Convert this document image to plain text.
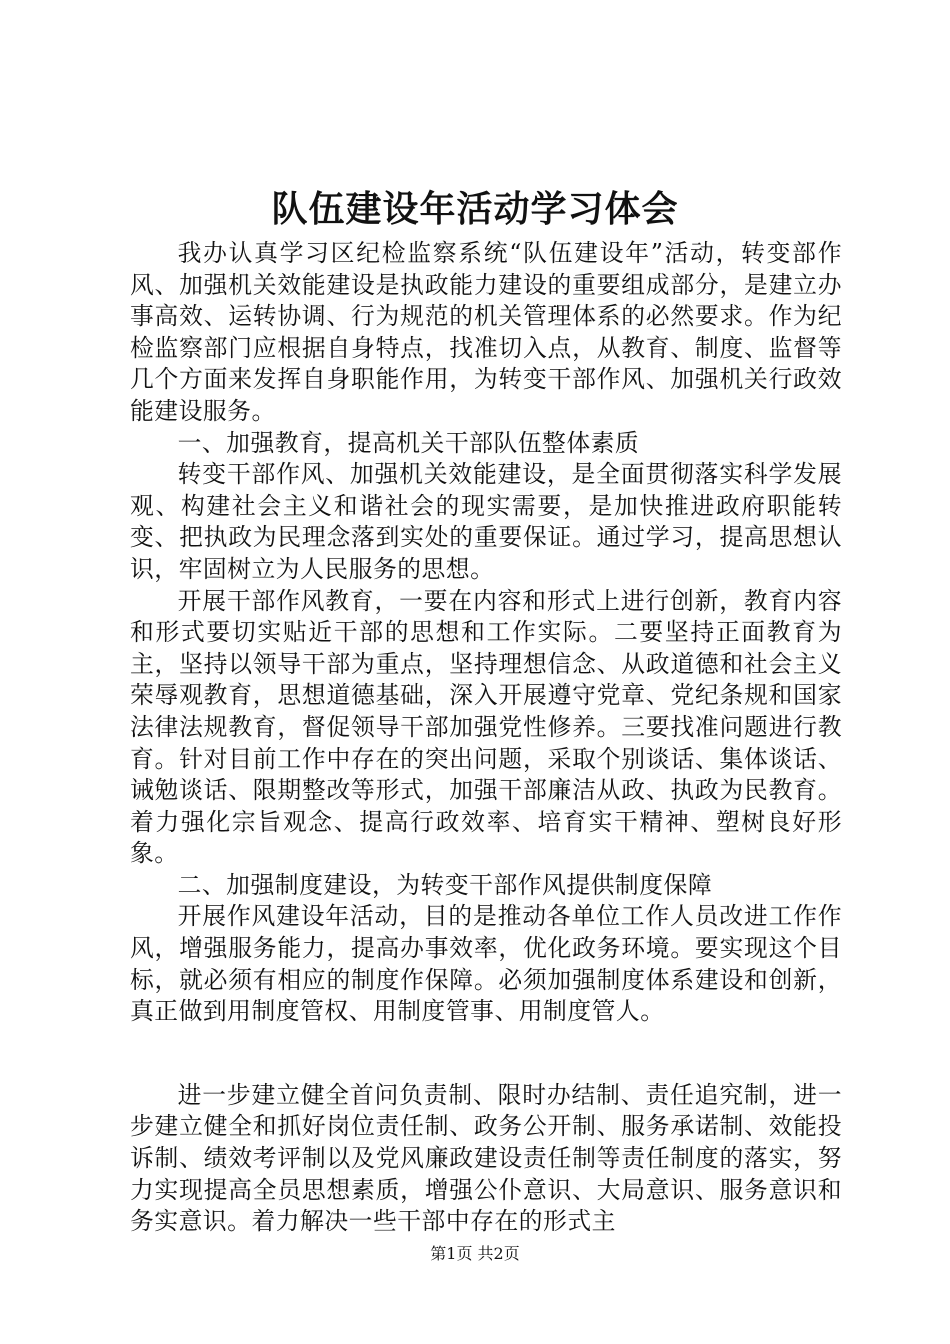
队伍建设年活动学习体会

我办认真学习区纪检监察系统“队伍建设年”活动，转变部作风、加强机关效能建设是执政能力建设的重要组成部分，是建立办事高效、运转协调、行为规范的机关管理体系的必然要求。作为纪检监察部门应根据自身特点，找准切入点，从教育、制度、监督等几个方面来发挥自身职能作用，为转变干部作风、加强机关行政效能建设服务。

一、加强教育，提高机关干部队伍整体素质

转变干部作风、加强机关效能建设，是全面贯彻落实科学发展观、构建社会主义和谐社会的现实需要，是加快推进政府职能转变、把执政为民理念落到实处的重要保证。通过学习，提高思想认识，牢固树立为人民服务的思想。

开展干部作风教育，一要在内容和形式上进行创新，教育内容和形式要切实贴近干部的思想和工作实际。二要坚持正面教育为主，坚持以领导干部为重点，坚持理想信念、从政道德和社会主义荣辱观教育，思想道德基础，深入开展遵守党章、党纪条规和国家法律法规教育，督促领导干部加强党性修养。三要找准问题进行教育。针对目前工作中存在的突出问题，采取个别谈话、集体谈话、诫勉谈话、限期整改等形式，加强干部廉洁从政、执政为民教育。着力强化宗旨观念、提高行政效率、培育实干精神、塑树良好形象。

二、加强制度建设，为转变干部作风提供制度保障

开展作风建设年活动，目的是推动各单位工作人员改进工作作风，增强服务能力，提高办事效率，优化政务环境。要实现这个目标，就必须有相应的制度作保障。必须加强制度体系建设和创新，真正做到用制度管权、用制度管事、用制度管人。

进一步建立健全首问负责制、限时办结制、责任追究制，进一步建立健全和抓好岗位责任制、政务公开制、服务承诺制、效能投诉制、绩效考评制以及党风廉政建设责任制等责任制度的落实，努力实现提高全员思想素质，增强公仆意识、大局意识、服务意识和务实意识。着力解决一些干部中存在的形式主

第1页 共2页
